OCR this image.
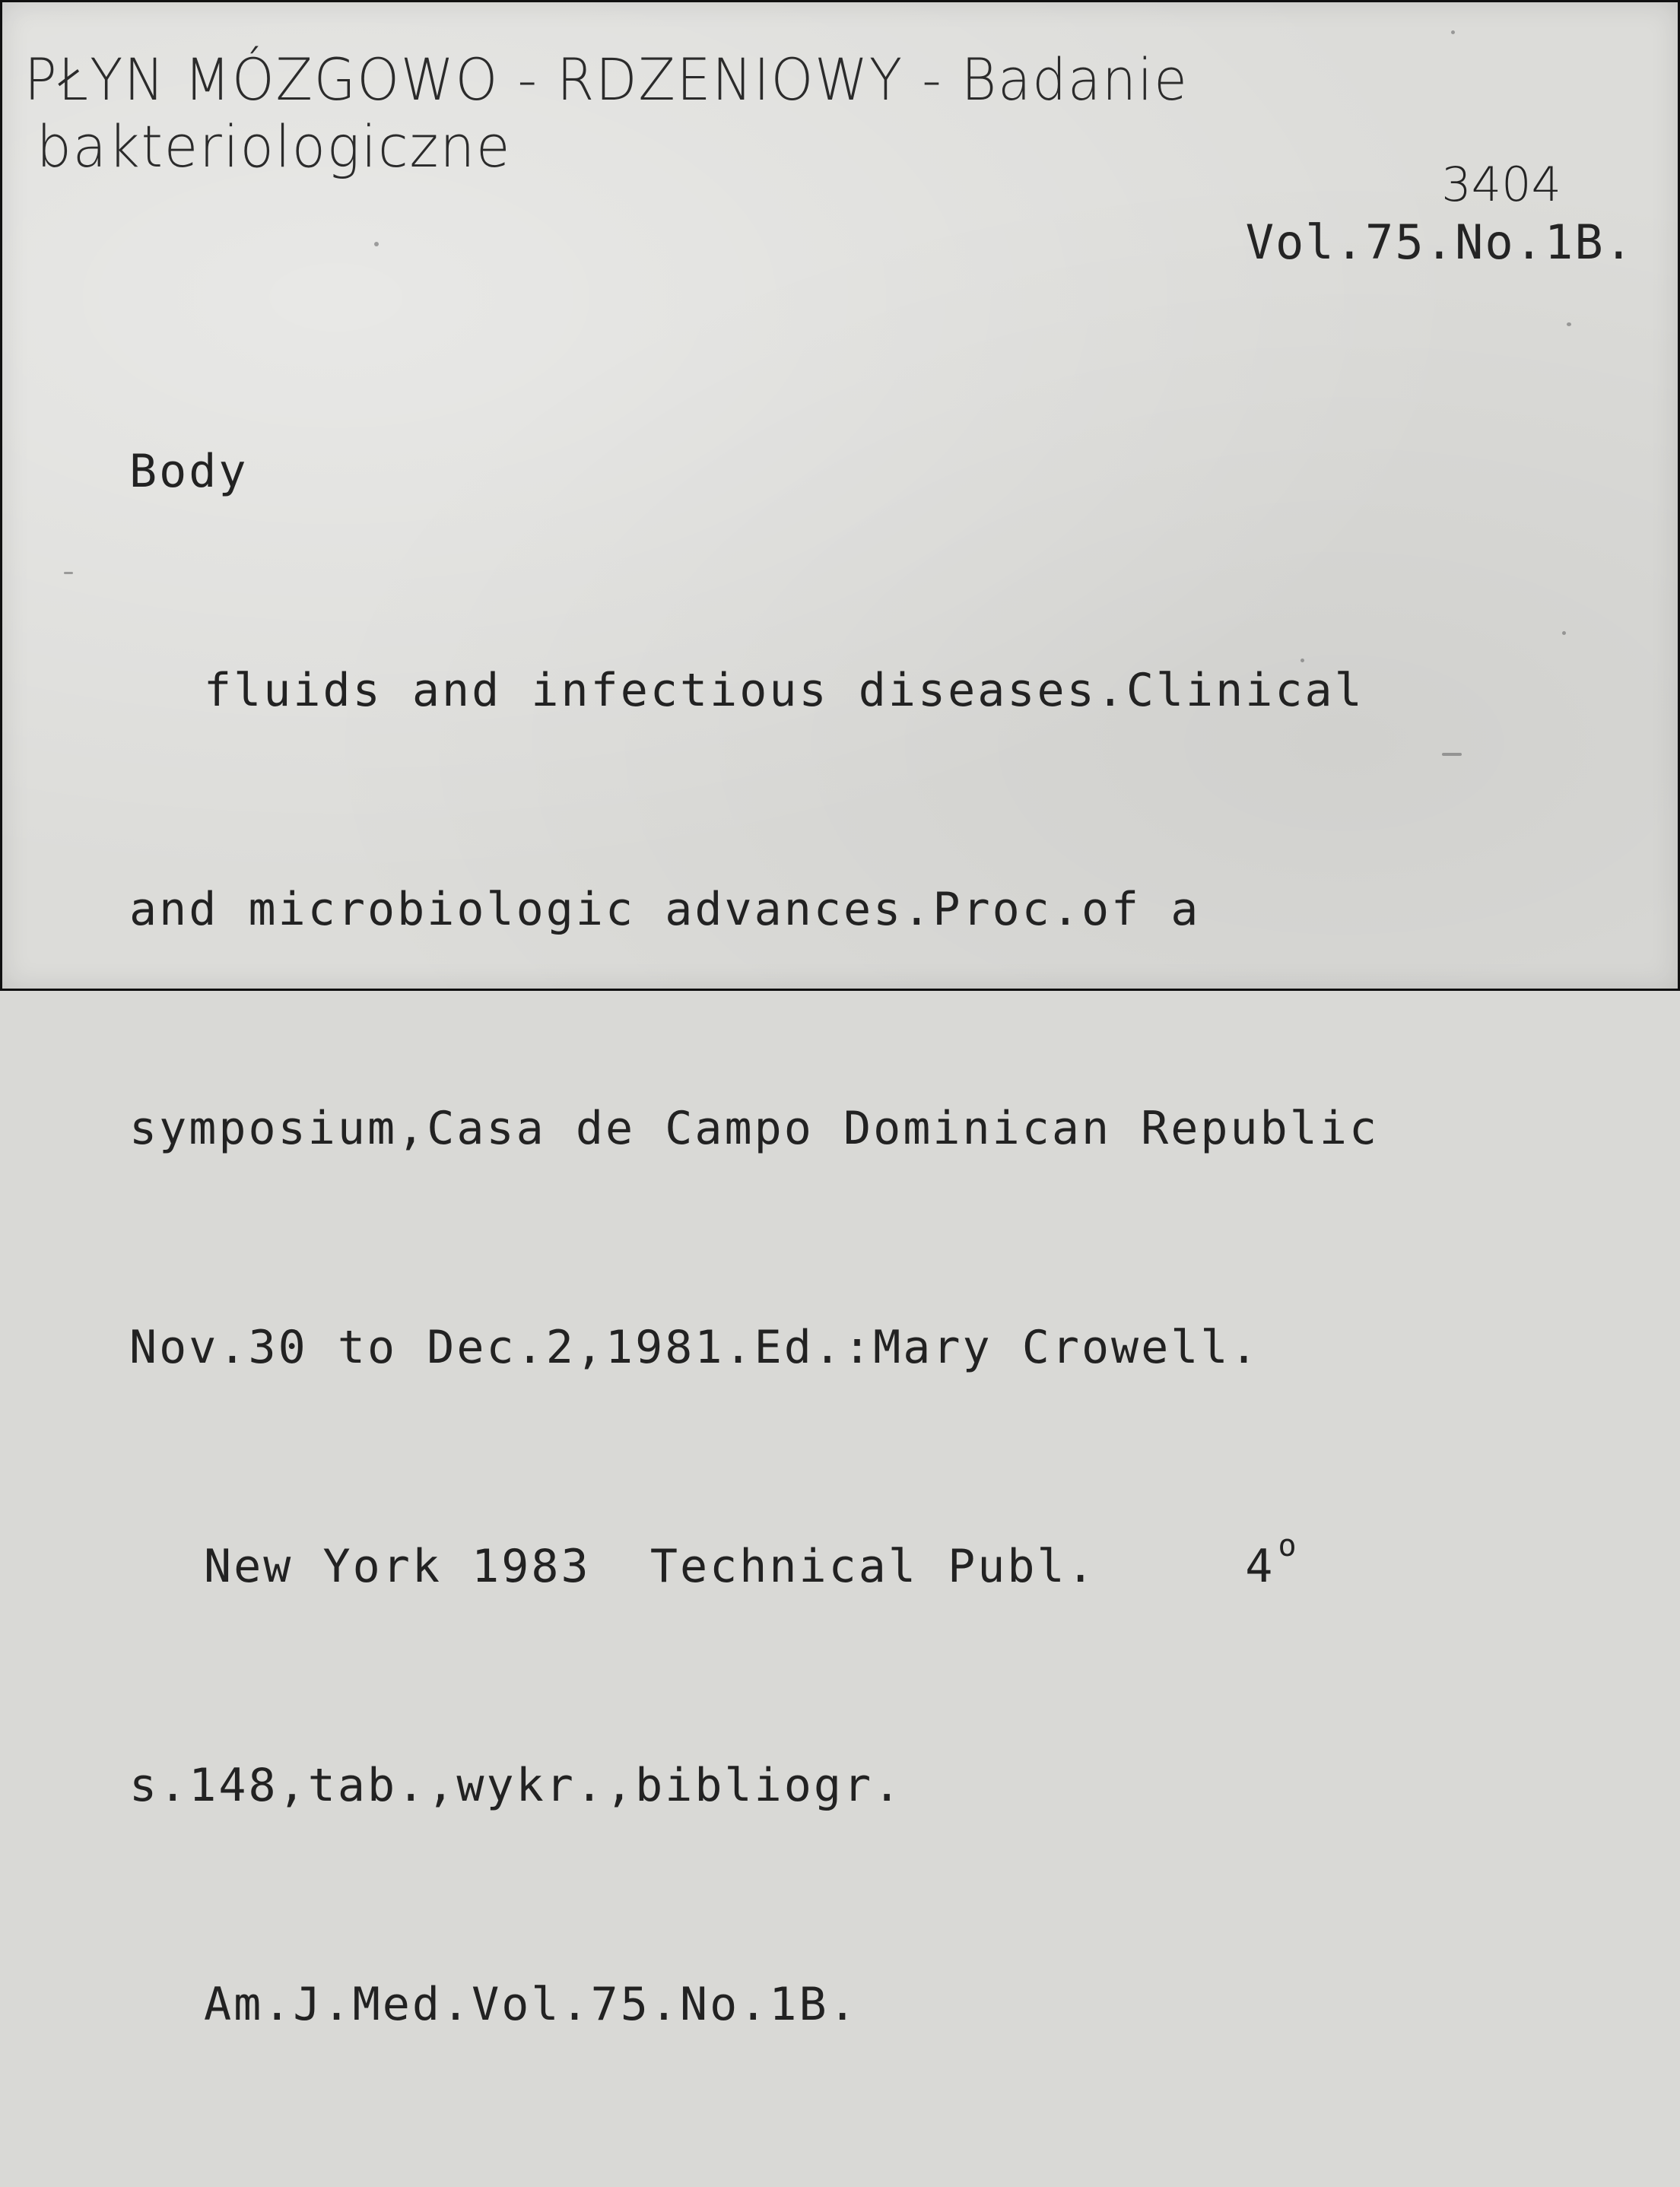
PŁYN MÓZGOWO - RDZENIOWY - Badanie
bakteriologiczne
3404
Vol.75.No.1B.

Body

fluids and infectious diseases.Clinical

and microbiologic advances.Proc.of a

symposium,Casa de Campo Dominican Republic

Nov.30 to Dec.2,1981.Ed.:Mary Crowell.

New York 1983  Technical Publ.     4 $^o$

s.148,tab.,wykr.,bibliogr.

Am.J.Med.Vol.75.No.1B.
